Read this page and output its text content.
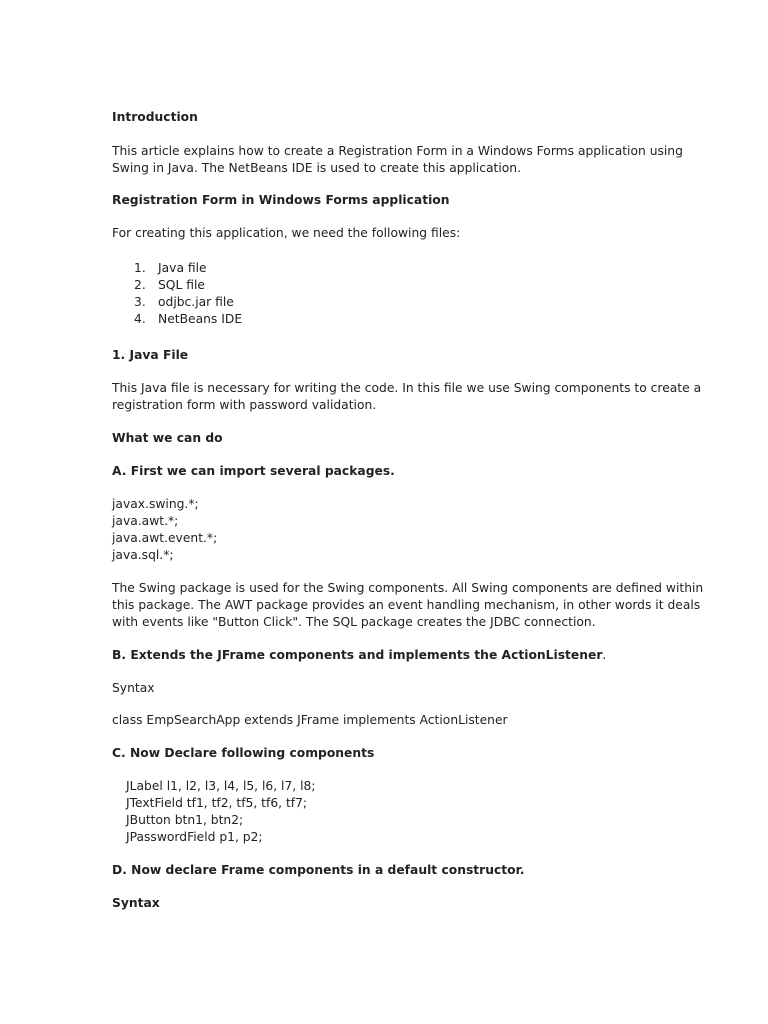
Introduction

This article explains how to create a Registration Form in a Windows Forms application using
Swing in Java. The NetBeans IDE is used to create this application.

Registration Form in Windows Forms application

For creating this application, we need the following files:

1. Java file
2. SQL file
3. odjbc.jar file
4. NetBeans IDE

1. Java File

This Java file is necessary for writing the code. In this file we use Swing components to create a
registration form with password validation.

What we can do

A. First we can import several packages.

javax.swing.*;
java.awt.*;
java.awt.event.*;
java.sql.*;
The Swing package is used for the Swing components. All Swing components are defined within
this package. The AWT package provides an event handling mechanism, in other words it deals
with events like "Button Click". The SQL package creates the JDBC connection.

B. Extends the JFrame components and implements the ActionListener.

Syntax

class EmpSearchApp extends JFrame implements ActionListener

C. Now Declare following components

JLabel l1, l2, l3, l4, l5, l6, l7, l8;
JTextField tf1, tf2, tf5, tf6, tf7;
JButton btn1, btn2;
JPasswordField p1, p2;

D. Now declare Frame components in a default constructor.

Syntax
